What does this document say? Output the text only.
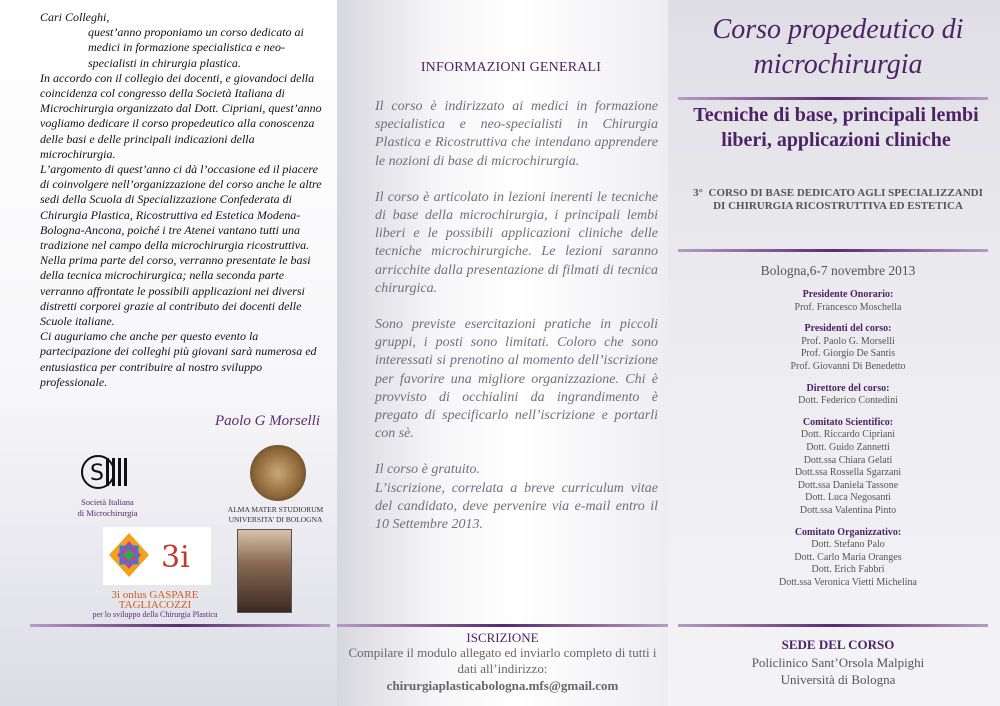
Cari Colleghi,

quest’anno proponiamo un corso dedicato ai medici in formazione specialistica e neo-specialisti in chirurgia plastica.

In accordo con il collegio dei docenti, e giovandoci della coincidenza col congresso della Società Italiana di Microchirurgia organizzato dal Dott. Cipriani, quest’anno vogliamo dedicare il corso propedeutico alla conoscenza delle basi e delle principali indicazioni della microchirurgia.

L’argomento di quest’anno ci dà l’occasione ed il piacere di coinvolgere nell’organizzazione del corso anche le altre sedi della Scuola di Specializzazione Confederata di Chirurgia Plastica, Ricostruttiva ed Estetica Modena-Bologna-Ancona, poiché i tre Atenei vantano tutti una tradizione nel campo della microchirurgia ricostruttiva.

Nella prima parte del corso, verranno presentate le basi della tecnica microchirurgica; nella seconda parte verranno affrontate le possibili applicazioni nei diversi distretti corporei grazie al contributo dei docenti delle Scuole italiane.

Ci auguriamo che anche per questo evento la partecipazione dei colleghi più giovani sarà numerosa ed entusiastica per contribuire al nostro sviluppo professionale.

Paolo G Morselli
S
Società Italiana
di Microchirurgia	ALMA MATER STUDIORUM
UNIVERSITA’ DI BOLOGNA
3i
3i onlus GASPARE
TAGLIACOZZI
per lo sviluppo della Chirurgia Plastica
INFORMAZIONI GENERALI

Il corso è indirizzato ai medici in formazione specialistica e neo-specialisti in Chirurgia Plastica e Ricostruttiva che intendano apprendere le nozioni di base di microchirurgia.

Il corso è articolato in lezioni inerenti le tecniche di base della microchirurgia, i principali lembi liberi e le possibili applicazioni cliniche delle tecniche microchirurgiche. Le lezioni saranno arricchite dalla presentazione di filmati di tecnica chirurgica.

Sono previste esercitazioni pratiche in piccoli gruppi, i posti sono limitati. Coloro che sono interessati si prenotino al momento dell’iscrizione per favorire una migliore organizzazione. Chi è provvisto di occhialini da ingrandimento è pregato di specificarlo nell’iscrizione e portarli con sè.

Il corso è gratuito.
L’iscrizione, correlata a breve curriculum vitae del candidato, deve pervenire via e-mail entro il 10 Settembre 2013.

ISCRIZIONE
Compilare il modulo allegato ed inviarlo completo di tutti i dati all’indirizzo:
chirurgiaplasticabologna.mfs@gmail.com
Corso propedeutico di microchirurgia
Tecniche di base, principali lembi liberi, applicazioni cliniche
3° CORSO DI BASE DEDICATO AGLI SPECIALIZZANDI DI CHIRURGIA RICOSTRUTTIVA ED ESTETICA
Bologna,6-7 novembre 2013
Presidente Onorario:
Prof. Francesco Moschella
Presidenti del corso:
Prof. Paolo G. Morselli
Prof. Giorgio De Santis
Prof. Giovanni Di Benedetto
Direttore del corso:
Dott. Federico Contedini
Comitato Scientifico:
Dott. Riccardo Cipriani
Dott. Guido Zannetti
Dott.ssa Chiara Gelati
Dott.ssa Rossella Sgarzani
Dott.ssa Daniela Tassone
Dott. Luca Negosanti
Dott.ssa Valentina Pinto
Comitato Organizzativo:
Dott. Stefano Palo
Dott. Carlo Maria Oranges
Dott. Erich Fabbri
Dott.ssa Veronica Vietti Michelina
SEDE DEL CORSO
Policlinico Sant’Orsola Malpighi
Università di Bologna
